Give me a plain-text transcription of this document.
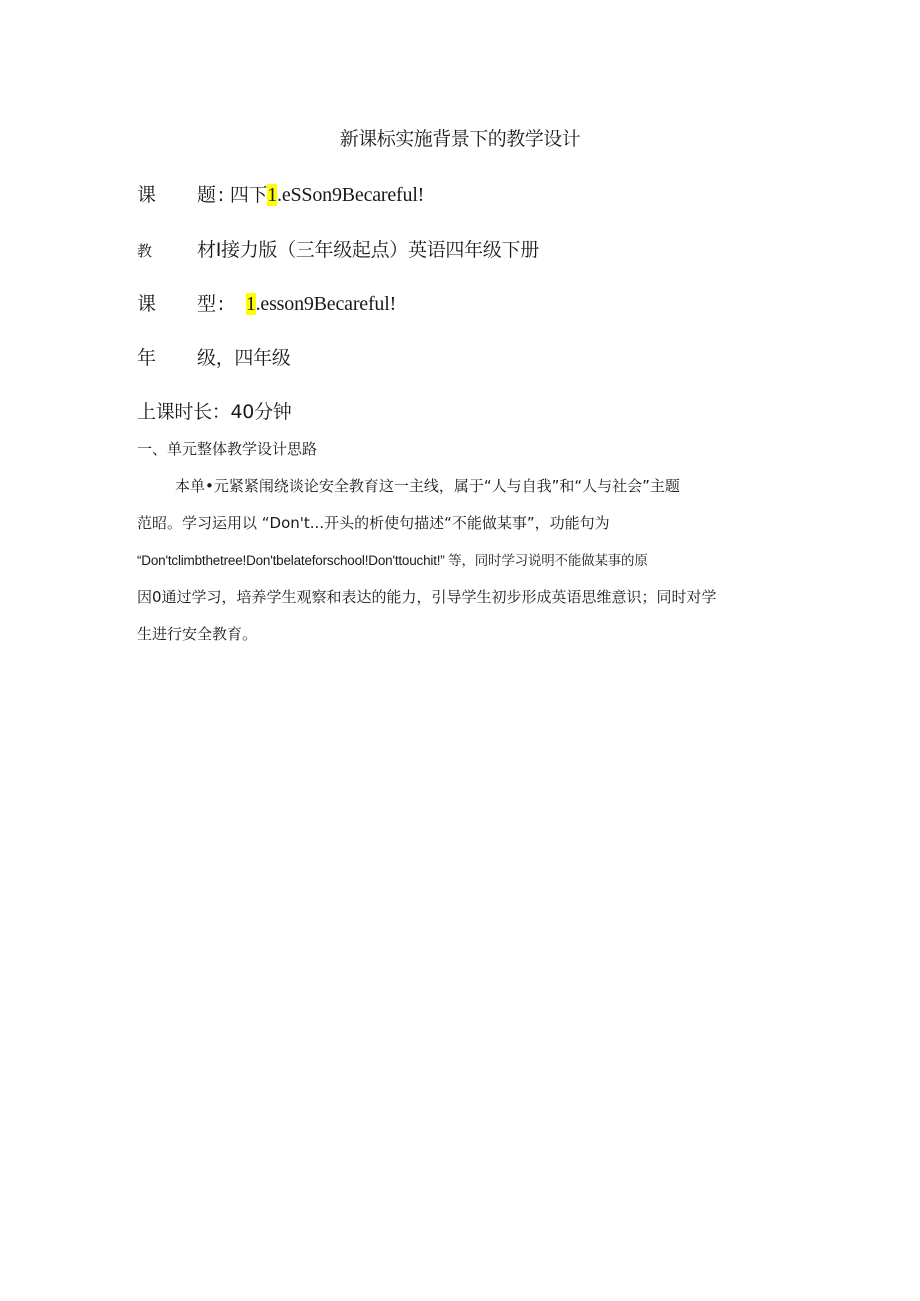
新课标实施背景下的教学设计
课 题 : 四下1.eSSon9Becareful!
教 材I接力版（三年级起点）英语四年级下册
课 型 : 1.esson9Becareful!
年 级，四年级
上课时长：40分钟
一、单元整体教学设计思路
本单•元紧紧闱绕谈论安全教育这一主线，属于“人与自我”和“人与社会”主题
范昭。学习运用以 “Don't...开头的析使句描述“不能做某事”，功能句为
“Don'tclimbthetree!Don'tbelateforschool!Don'ttouchit!” 等，同时学习说明不能做某事的原
因0通过学习，培养学生观察和表达的能力，引导学生初步形成英语思维意识；同时对学
生进行安全教育。
